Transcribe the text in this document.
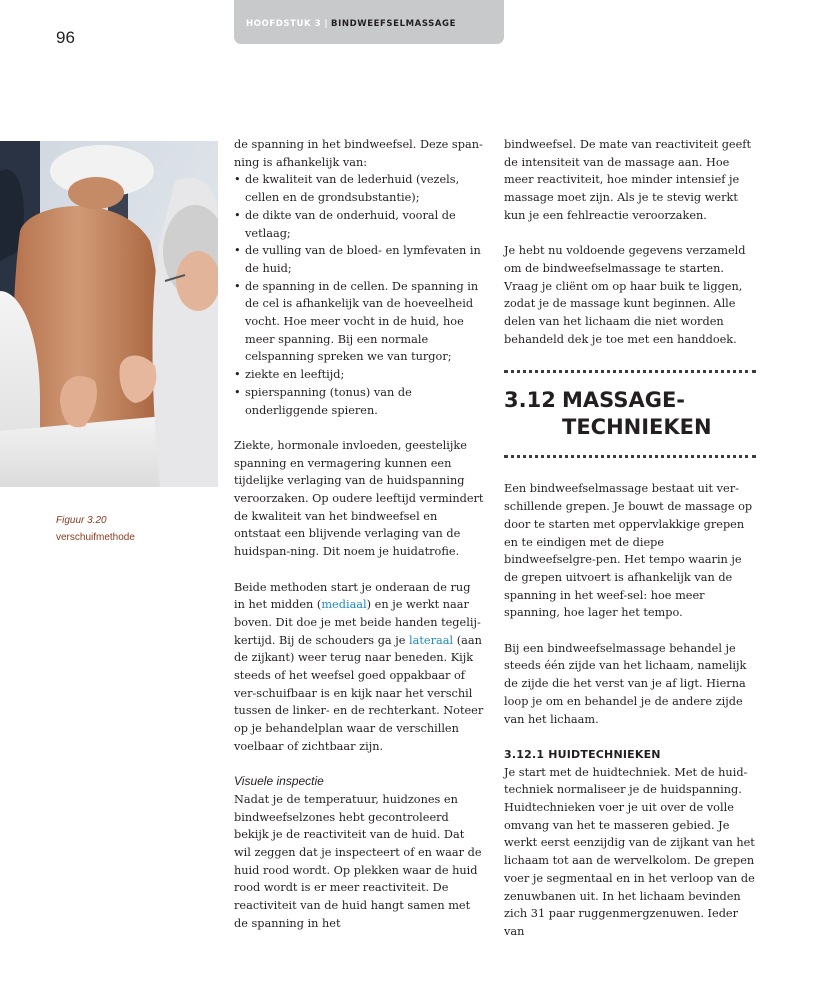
96
HOOFDSTUK 3 | BINDWEEFSELMASSAGE
Figuur 3.20
verschuifmethode

de spanning in het bindweefsel. Deze span-ning is afhankelijk van:

• de kwaliteit van de lederhuid (vezels, cellen en de grondsubstantie);
• de dikte van de onderhuid, vooral de vetlaag;
• de vulling van de bloed- en lymfevaten in de huid;
• de spanning in de cellen. De spanning in de cel is afhankelijk van de hoeveelheid vocht. Hoe meer vocht in de huid, hoe meer spanning. Bij een normale celspanning spreken we van turgor;
• ziekte en leeftijd;
• spierspanning (tonus) van de onderliggende spieren.

Ziekte, hormonale invloeden, geestelijke spanning en vermagering kunnen een tijdelijke verlaging van de huidspanning veroorzaken. Op oudere leeftijd vermindert de kwaliteit van het bindweefsel en ontstaat een blijvende verlaging van de huidspan-ning. Dit noem je huidatrofie.

Beide methoden start je onderaan de rug in het midden (mediaal) en je werkt naar boven. Dit doe je met beide handen tegelij-kertijd. Bij de schouders ga je lateraal (aan de zijkant) weer terug naar beneden. Kijk steeds of het weefsel goed oppakbaar of ver-schuifbaar is en kijk naar het verschil tussen de linker- en de rechterkant. Noteer op je behandelplan waar de verschillen voelbaar of zichtbaar zijn.

Visuele inspectie

Nadat je de temperatuur, huidzones en bindweefselzones hebt gecontroleerd bekijk je de reactiviteit van de huid. Dat wil zeggen dat je inspecteert of en waar de huid rood wordt. Op plekken waar de huid rood wordt is er meer reactiviteit. De reactiviteit van de huid hangt samen met de spanning in het

bindweefsel. De mate van reactiviteit geeft de intensiteit van de massage aan. Hoe meer reactiviteit, hoe minder intensief je massage moet zijn. Als je te stevig werkt kun je een fehlreactie veroorzaken.

Je hebt nu voldoende gegevens verzameld om de bindweefselmassage te starten. Vraag je cliënt om op haar buik te liggen, zodat je de massage kunt beginnen. Alle delen van het lichaam die niet worden behandeld dek je toe met een handdoek.

3.12 MASSAGE-
TECHNIEKEN

Een bindweefselmassage bestaat uit ver-schillende grepen. Je bouwt de massage op door te starten met oppervlakkige grepen en te eindigen met de diepe bindweefselgre-pen. Het tempo waarin je de grepen uitvoert is afhankelijk van de spanning in het weef-sel: hoe meer spanning, hoe lager het tempo.

Bij een bindweefselmassage behandel je steeds één zijde van het lichaam, namelijk de zijde die het verst van je af ligt. Hierna loop je om en behandel je de andere zijde van het lichaam.

3.12.1 HUIDTECHNIEKEN

Je start met de huidtechniek. Met de huid-techniek normaliseer je de huidspanning. Huidtechnieken voer je uit over de volle omvang van het te masseren gebied. Je werkt eerst eenzijdig van de zijkant van het lichaam tot aan de wervelkolom. De grepen voer je segmentaal en in het verloop van de zenuwbanen uit. In het lichaam bevinden zich 31 paar ruggenmergzenuwen. Ieder van
